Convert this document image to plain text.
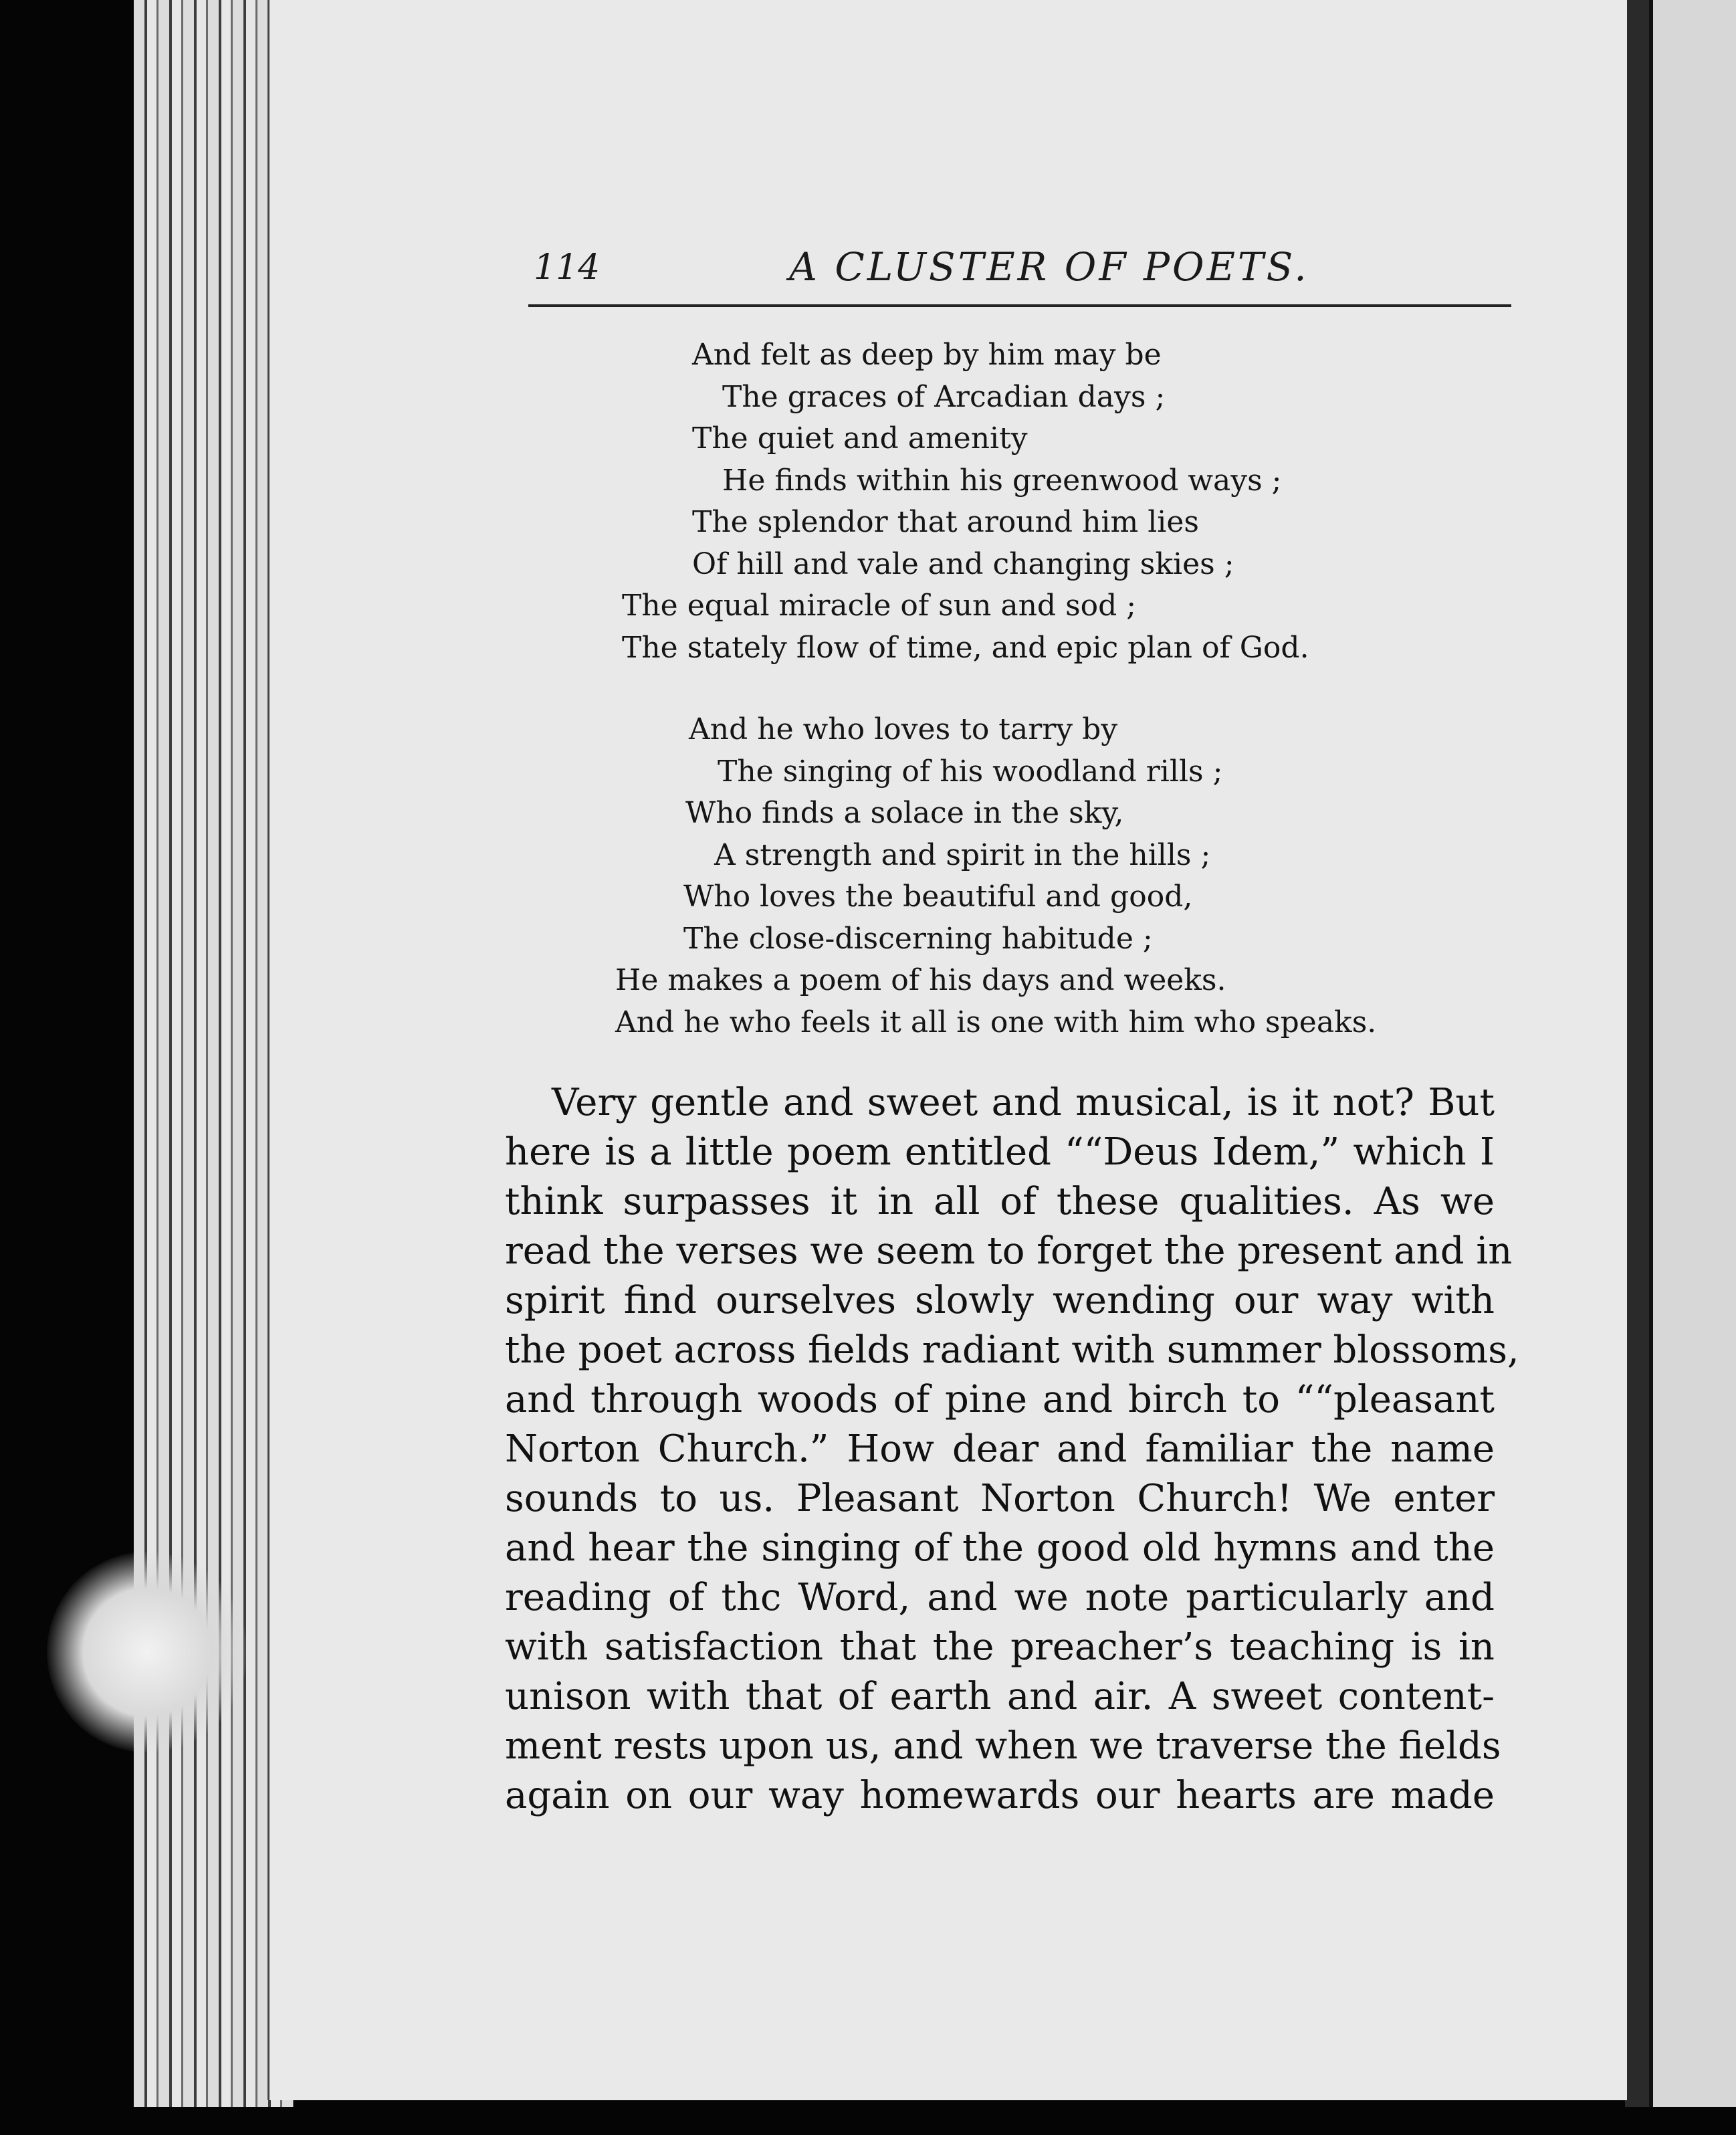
114	A CLUSTER OF POETS.
And felt as deep by him may be
The graces of Arcadian days ;
The quiet and amenity
He finds within his greenwood ways ;
The splendor that around him lies
Of hill and vale and changing skies ;
The equal miracle of sun and sod ;
The stately flow of time, and epic plan of God.
And he who loves to tarry by
The singing of his woodland rills ;
Who finds a solace in the sky,
A strength and spirit in the hills ;
Who loves the beautiful and good,
The close-discerning habitude ;
He makes a poem of his days and weeks.
And he who feels it all is one with him who speaks.
Very gentle and sweet and musical, is it not? But
here is a little poem entitled ““Deus Idem,” which I
think surpasses it in all of these qualities. As we
read the verses we seem to forget the present and in
spirit find ourselves slowly wending our way with
the poet across fields radiant with summer blossoms,
and through woods of pine and birch to ““pleasant
Norton Church.” How dear and familiar the name
sounds to us. Pleasant Norton Church! We enter
and hear the singing of the good old hymns and the
reading of thc Word, and we note particularly and
with satisfaction that the preacher’s teaching is in
unison with that of earth and air. A sweet content-
ment rests upon us, and when we traverse the fields
again on our way homewards our hearts are made
